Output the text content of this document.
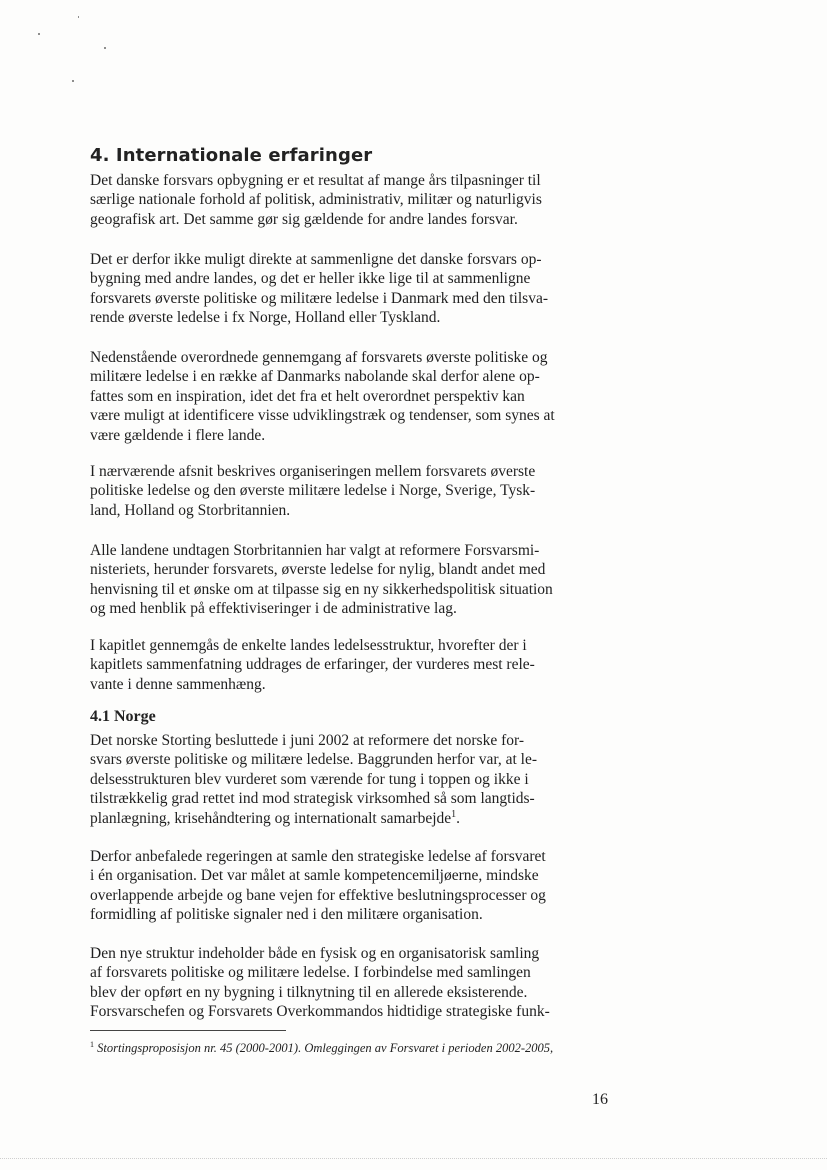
4. Internationale erfaringer

Det danske forsvars opbygning er et resultat af mange års tilpasninger til
særlige nationale forhold af politisk, administrativ, militær og naturligvis
geografisk art. Det samme gør sig gældende for andre landes forsvar.

Det er derfor ikke muligt direkte at sammenligne det danske forsvars op-
bygning med andre landes, og det er heller ikke lige til at sammenligne
forsvarets øverste politiske og militære ledelse i Danmark med den tilsva-
rende øverste ledelse i fx Norge, Holland eller Tyskland.

Nedenstående overordnede gennemgang af forsvarets øverste politiske og
militære ledelse i en række af Danmarks nabolande skal derfor alene op-
fattes som en inspiration, idet det fra et helt overordnet perspektiv kan
være muligt at identificere visse udviklingstræk og tendenser, som synes at
være gældende i flere lande.

I nærværende afsnit beskrives organiseringen mellem forsvarets øverste
politiske ledelse og den øverste militære ledelse i Norge, Sverige, Tysk-
land, Holland og Storbritannien.

Alle landene undtagen Storbritannien har valgt at reformere Forsvarsmi-
nisteriets, herunder forsvarets, øverste ledelse for nylig, blandt andet med
henvisning til et ønske om at tilpasse sig en ny sikkerhedspolitisk situation
og med henblik på effektiviseringer i de administrative lag.

I kapitlet gennemgås de enkelte landes ledelsesstruktur, hvorefter der i
kapitlets sammenfatning uddrages de erfaringer, der vurderes mest rele-
vante i denne sammenhæng.

4.1 Norge

Det norske Storting besluttede i juni 2002 at reformere det norske for-
svars øverste politiske og militære ledelse. Baggrunden herfor var, at le-
delsesstrukturen blev vurderet som værende for tung i toppen og ikke i
tilstrækkelig grad rettet ind mod strategisk virksomhed så som langtids-
planlægning, krisehåndtering og internationalt samarbejde$^1$.

Derfor anbefalede regeringen at samle den strategiske ledelse af forsvaret
i én organisation. Det var målet at samle kompetencemiljøerne, mindske
overlappende arbejde og bane vejen for effektive beslutningsprocesser og
formidling af politiske signaler ned i den militære organisation.

Den nye struktur indeholder både en fysisk og en organisatorisk samling
af forsvarets politiske og militære ledelse. I forbindelse med samlingen
blev der opført en ny bygning i tilknytning til en allerede eksisterende.
Forsvarschefen og Forsvarets Overkommandos hidtidige strategiske funk-

$^1$ Stortingsproposisjon nr. 45 (2000-2001). Omleggingen av Forsvaret i perioden 2002-2005,

16
